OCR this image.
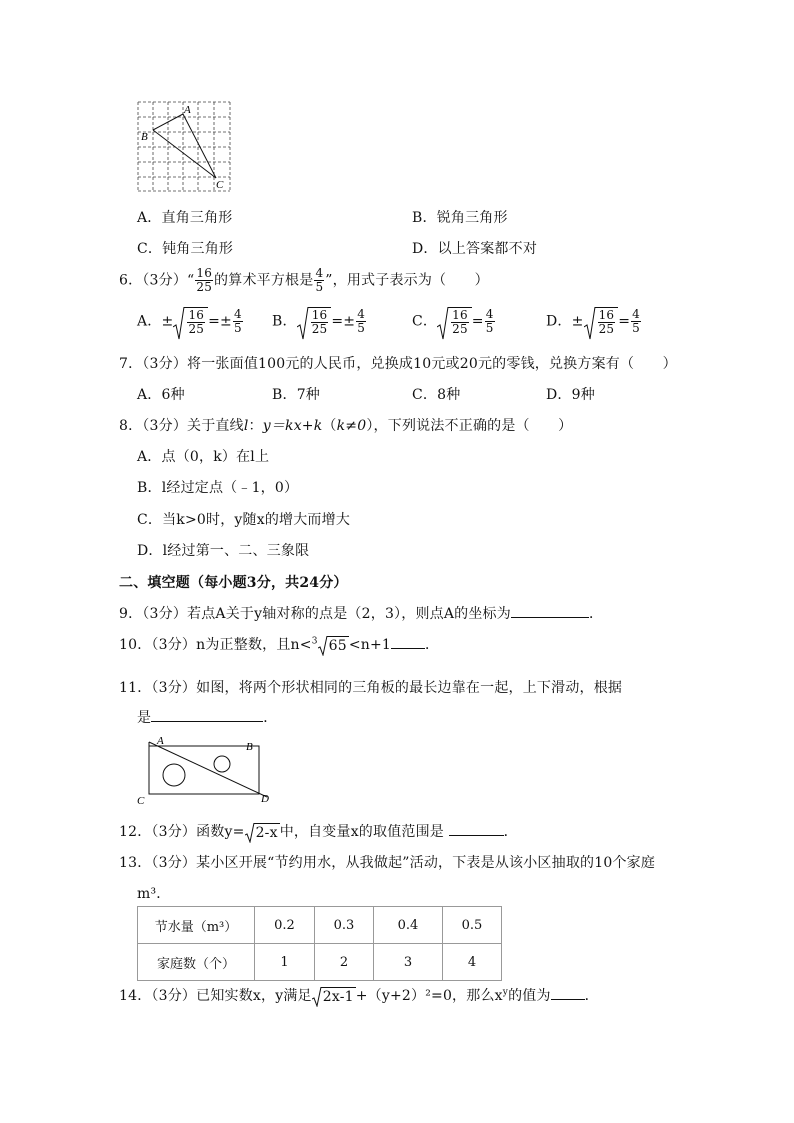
A
B
C
A．直角三角形	B．锐角三角形
C．钝角三角形	D．以上答案都不对
6．（3分）“ $\frac{16}{25}$ 的算术平方根是 $\frac{4}{5}$ ”，用式子表示为（　　）
A．± $\frac{16}{25} =\pm \frac{4}{5}$ B． $\frac{16}{25} =\pm \frac{4}{5}$	C． $\frac{16}{25} = \frac{4}{5}$	D．± $\frac{16}{25} = \frac{4}{5}$
7．（3分）将一张面值100元的人民币，兑换成10元或20元的零钱，兑换方案有（　　）
A．6种	B．7种	C．8种	D．9种
8．（3分）关于直线l：y＝kx+k（k≠0），下列说法不正确的是（　　）
A．点（0，k）在l上
B．l经过定点（﹣1，0）
C．当k>0时，y随x的增大而增大
D．l经过第一、二、三象限
二、填空题（每小题3分，共24分）
9．（3分）若点A关于y轴对称的点是（2，3），则点A的坐标为	．
10．（3分）n为正整数，且n<$^3$ 65 <n+1 ．
11．（3分）如图，将两个形状相同的三角板的最长边靠在一起，上下滑动，根据
是	．
A	B
C	D
12．（3分）函数y= 2-x 中，自变量x的取值范围是	．
13．（3分）某小区开展“节约用水，从我做起”活动，下表是从该小区抽取的10个家庭
m³．
节水量（m³）	0.2	0.3	0.4	0.5
家庭数（个）	1	2	3	4
14．（3分）已知实数x，y满足 2x-1 +（y+2）²=0，那么$x^y$的值为 ．
